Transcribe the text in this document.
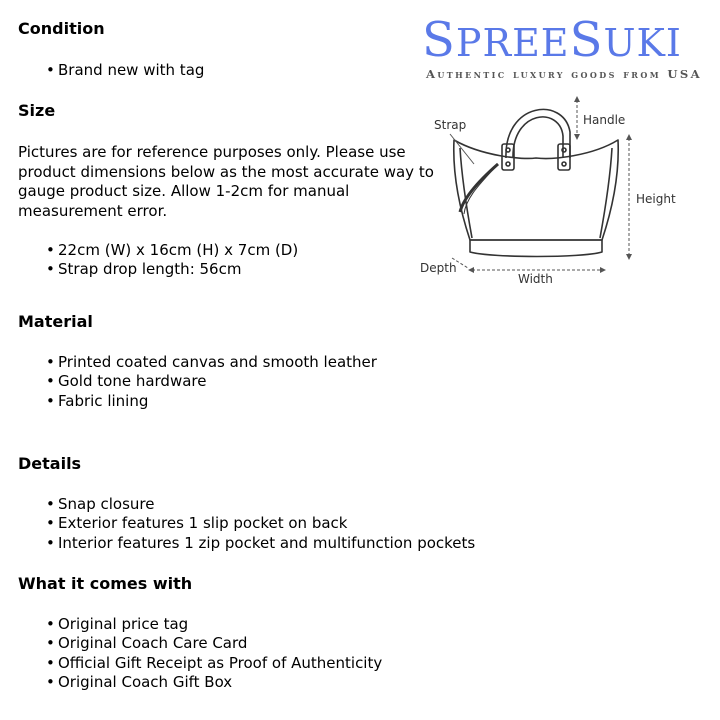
SPREESUKI
Authentic luxury goods from USA
Strap	Handle
Height
Depth
Width
Condition
• Brand new with tag
Size
Pictures are for reference purposes only. Please use
product dimensions below as the most accurate way to
gauge product size. Allow 1-2cm for manual
measurement error.
• 22cm (W) x 16cm (H) x 7cm (D)
• Strap drop length: 56cm
Material
• Printed coated canvas and smooth leather
• Gold tone hardware
• Fabric lining
Details
• Snap closure
• Exterior features 1 slip pocket on back
• Interior features 1 zip pocket and multifunction pockets
What it comes with
• Original price tag
• Original Coach Care Card
• Official Gift Receipt as Proof of Authenticity
• Original Coach Gift Box
